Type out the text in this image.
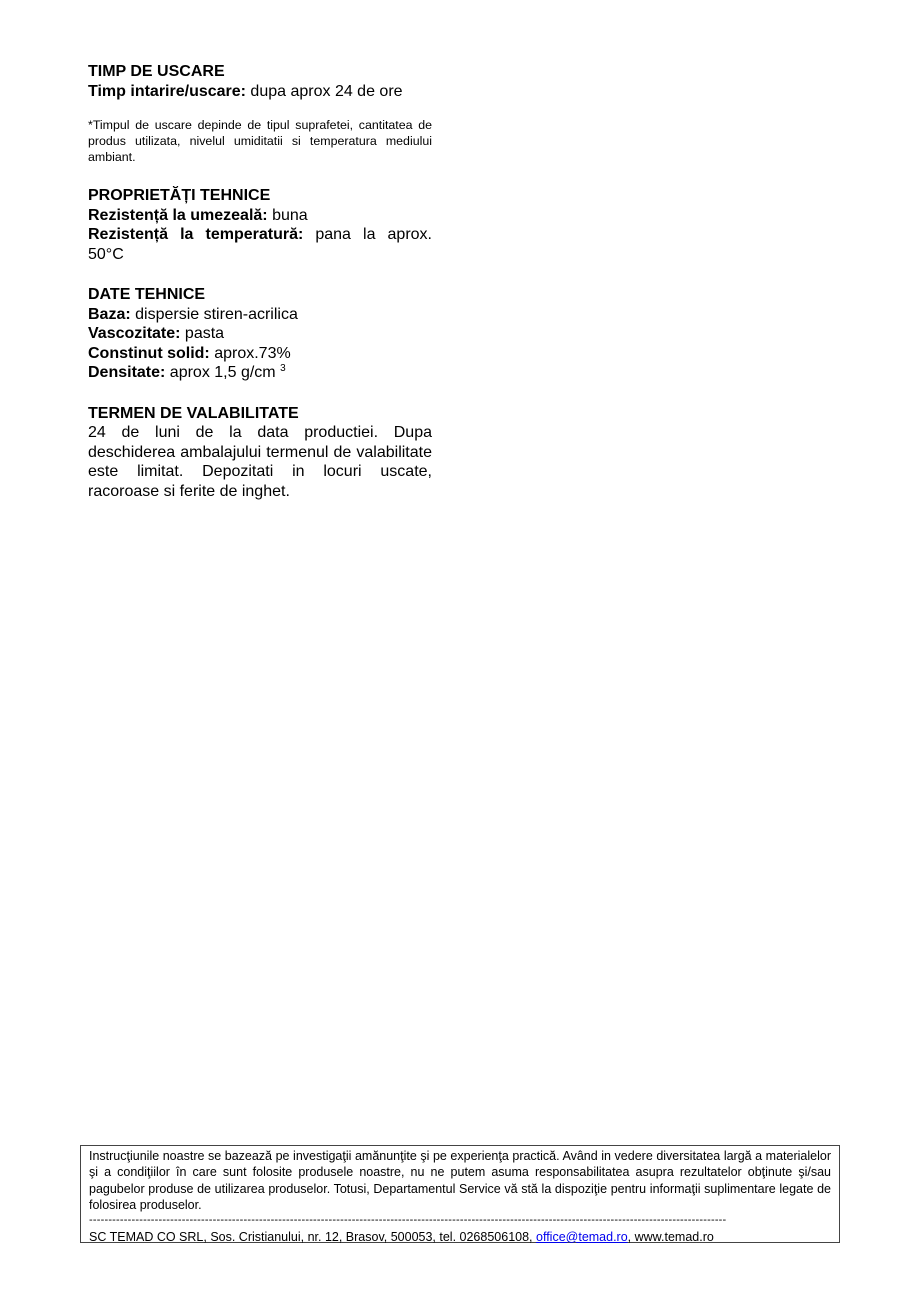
TIMP DE USCARE

Timp intarire/uscare: dupa aprox 24 de ore

*Timpul de uscare depinde de tipul suprafetei, cantitatea de produs utilizata, nivelul umiditatii si temperatura mediului ambiant.

PROPRIETĂȚI TEHNICE

Rezistență la umezeală: buna

Rezistență la temperatură: pana la aprox. 50°C

DATE TEHNICE

Baza: dispersie stiren-acrilica

Vascozitate: pasta

Constinut solid: aprox.73%

Densitate: aprox 1,5 g/cm $^3$

TERMEN DE VALABILITATE

24 de luni de la data productiei. Dupa deschiderea ambalajului termenul de valabilitate este limitat. Depozitati in locuri uscate, racoroase si ferite de inghet.

Instrucţiunile noastre se bazează pe investigaţii amănunţite şi pe experienţa practică. Având in vedere diversitatea largă a materialelor şi a condiţiilor în care sunt folosite produsele noastre, nu ne putem asuma responsabilitatea asupra rezultatelor obţinute şi/sau pagubelor produse de utilizarea produselor. Totusi, Departamentul Service vă stă la dispoziţie pentru informaţii suplimentare legate de folosirea produselor.

---------------------------------------------------------------------------------------------------------------------------------------------------------------------

SC TEMAD CO SRL, Sos. Cristianului, nr. 12, Brasov, 500053, tel. 0268506108, office@temad.ro, www.temad.ro
